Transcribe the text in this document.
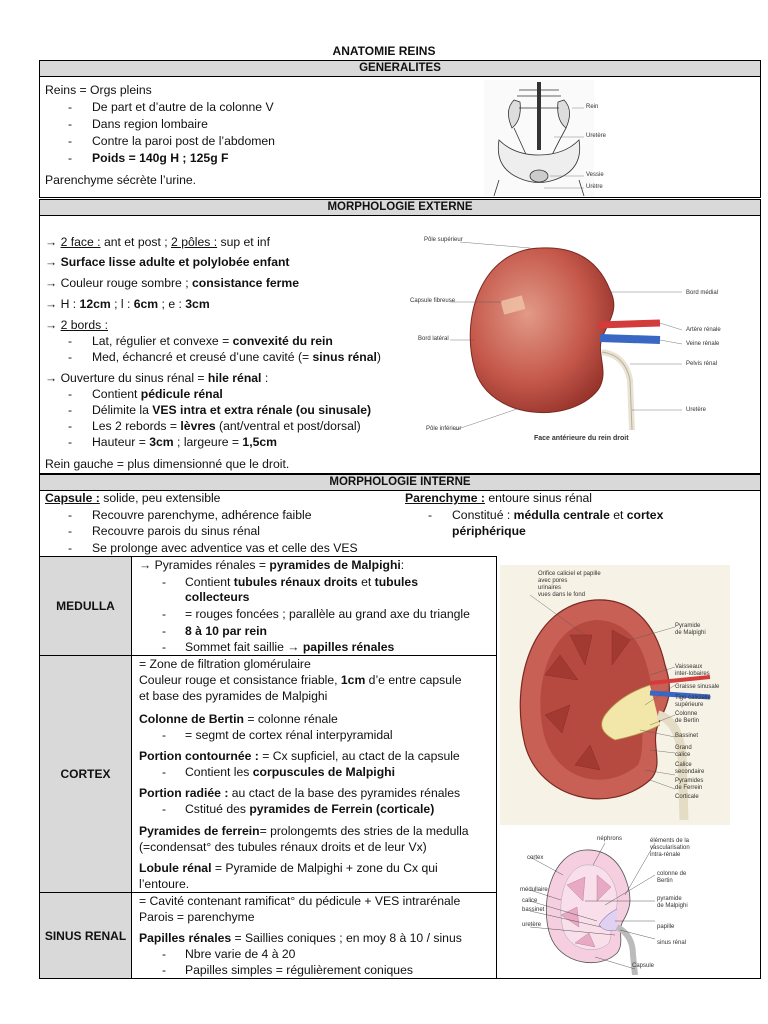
ANATOMIE REINS
GENERALITES
Reins = Orgs pleins
- De part et d’autre de la colonne V
- Dans region lombaire
- Contre la paroi post de l’abdomen
- Poids = 140g H ; 125g F
Parenchyme sécrète l’urine.
Rein
Uretère
Vessie
Urètre
MORPHOLOGIE EXTERNE
→ 2 face : ant et post ; 2 pôles : sup et inf
→ Surface lisse adulte et polylobée enfant
→ Couleur rouge sombre ; consistance ferme
→ H : 12cm ; l : 6cm ; e : 3cm
→ 2 bords :
- Lat, régulier et convexe = convexité du rein
- Med, échancré et creusé d’une cavité (= sinus rénal)
→ Ouverture du sinus rénal = hile rénal :
- Contient pédicule rénal
- Délimite la VES intra et extra rénale (ou sinusale)
- Les 2 rebords = lèvres (ant/ventral et post/dorsal)
- Hauteur = 3cm ; largeure = 1,5cm
Rein gauche = plus dimensionné que le droit.
Pôle supérieur
Capsule fibreuse
Bord latéral
Pôle inférieur
Bord médial
Artère rénale
Veine rénale
Pelvis rénal
Uretère
Face antérieure du rein droit
MORPHOLOGIE INTERNE
Capsule : solide, peu extensible
- Recouvre parenchyme, adhérence faible
- Recouvre parois du sinus rénal
- Se prolonge avec adventice vas et celle des VES
Parenchyme : entoure sinus rénal
- Constitué : médulla centrale et cortex
périphérique
MEDULLA
→ Pyramides rénales = pyramides de Malpighi:
- Contient tubules rénaux droits et tubules
collecteurs
- = rouges foncées ; parallèle au grand axe du triangle
- 8 à 10 par rein
- Sommet fait saillie → papilles rénales
CORTEX
= Zone de filtration glomérulaire
Couleur rouge et consistance friable, 1cm d’e entre capsule
et base des pyramides de Malpighi
Colonne de Bertin = colonne rénale
- = segmt de cortex rénal interpyramidal
Portion contournée : = Cx supficiel, au ctact de la capsule
- Contient les corpuscules de Malpighi
Portion radiée : au ctact de la base des pyramides rénales
- Cstitué des pyramides de Ferrein (corticale)
Pyramides de ferrein= prolongemts des stries de la medulla
(=condensat° des tubules rénaux droits et de leur Vx)
Lobule rénal = Pyramide de Malpighi + zone du Cx qui
l’entoure.
SINUS RENAL
= Cavité contenant ramificat° du pédicule + VES intrarénale
Parois = parenchyme
Papilles rénales = Saillies coniques ; en moy 8 à 10 / sinus
- Nbre varie de 4 à 20
- Papilles simples = régulièrement coniques
Orifice caliciel et papille
avec pores
urinaires
vues dans le fond
Pyramide
de Malpighi
Vaisseaux
inter-lobaires
Graisse sinusale
Tige calicielle
supérieure
Colonne
de Bertin
Bassinet
Grand
calice
Calice
secondaire
Pyramides
de Ferrein
Corticale
néphrons	éléments de la
vascularisation
intra-rénale
cortex
colonne de
Bertin
médullaire
calice
bassinet
pyramide
de Malpighi
papille
uretère
sinus rénal
Capsule
